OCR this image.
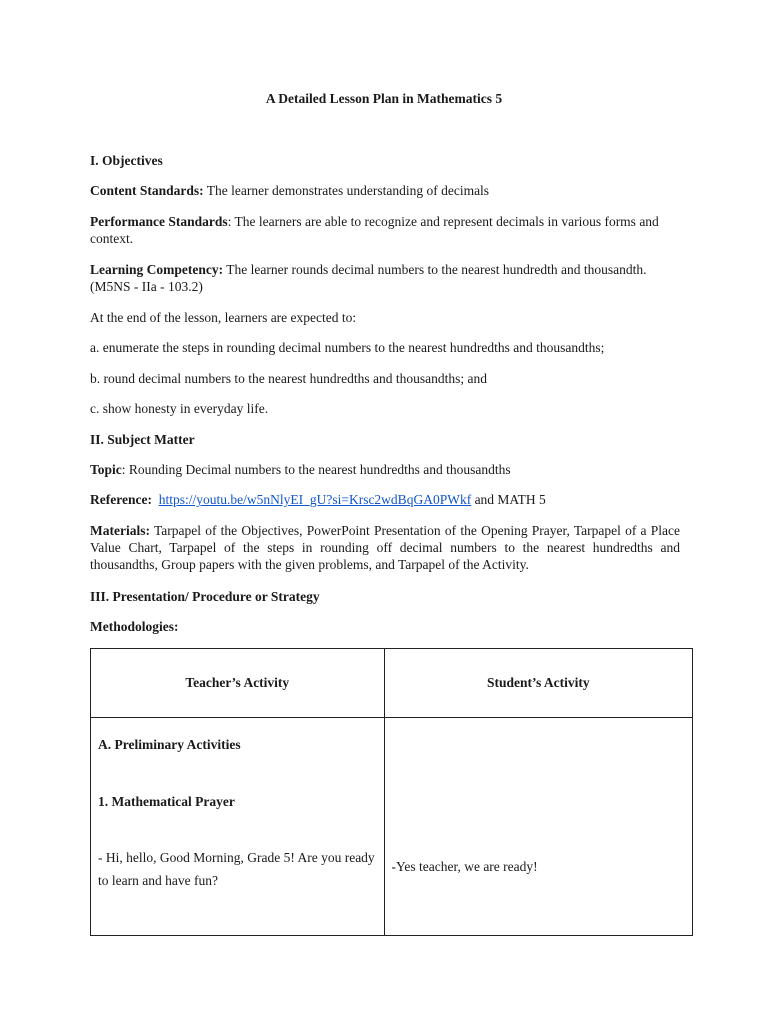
A Detailed Lesson Plan in Mathematics 5
I. Objectives
Content Standards: The learner demonstrates understanding of decimals
Performance Standards: The learners are able to recognize and represent decimals in various forms and context.
Learning Competency: The learner rounds decimal numbers to the nearest hundredth and thousandth. (M5NS - IIa - 103.2)
At the end of the lesson, learners are expected to:
a. enumerate the steps in rounding decimal numbers to the nearest hundredths and thousandths;
b. round decimal numbers to the nearest hundredths and thousandths; and
c. show honesty in everyday life.
II. Subject Matter
Topic: Rounding Decimal numbers to the nearest hundredths and thousandths
Reference: https://youtu.be/w5nNlyEI_gU?si=Krsc2wdBqGA0PWkf and MATH 5
Materials: Tarpapel of the Objectives, PowerPoint Presentation of the Opening Prayer, Tarpapel of a Place Value Chart, Tarpapel of the steps in rounding off decimal numbers to the nearest hundredths and thousandths, Group papers with the given problems, and Tarpapel of the Activity.
III. Presentation/ Procedure or Strategy
Methodologies:
Teacher’s Activity	Student’s Activity

A. Preliminary Activities
1. Mathematical Prayer
- Hi, hello, Good Morning, Grade 5! Are you ready to learn and have fun?	-Yes teacher, we are ready!
